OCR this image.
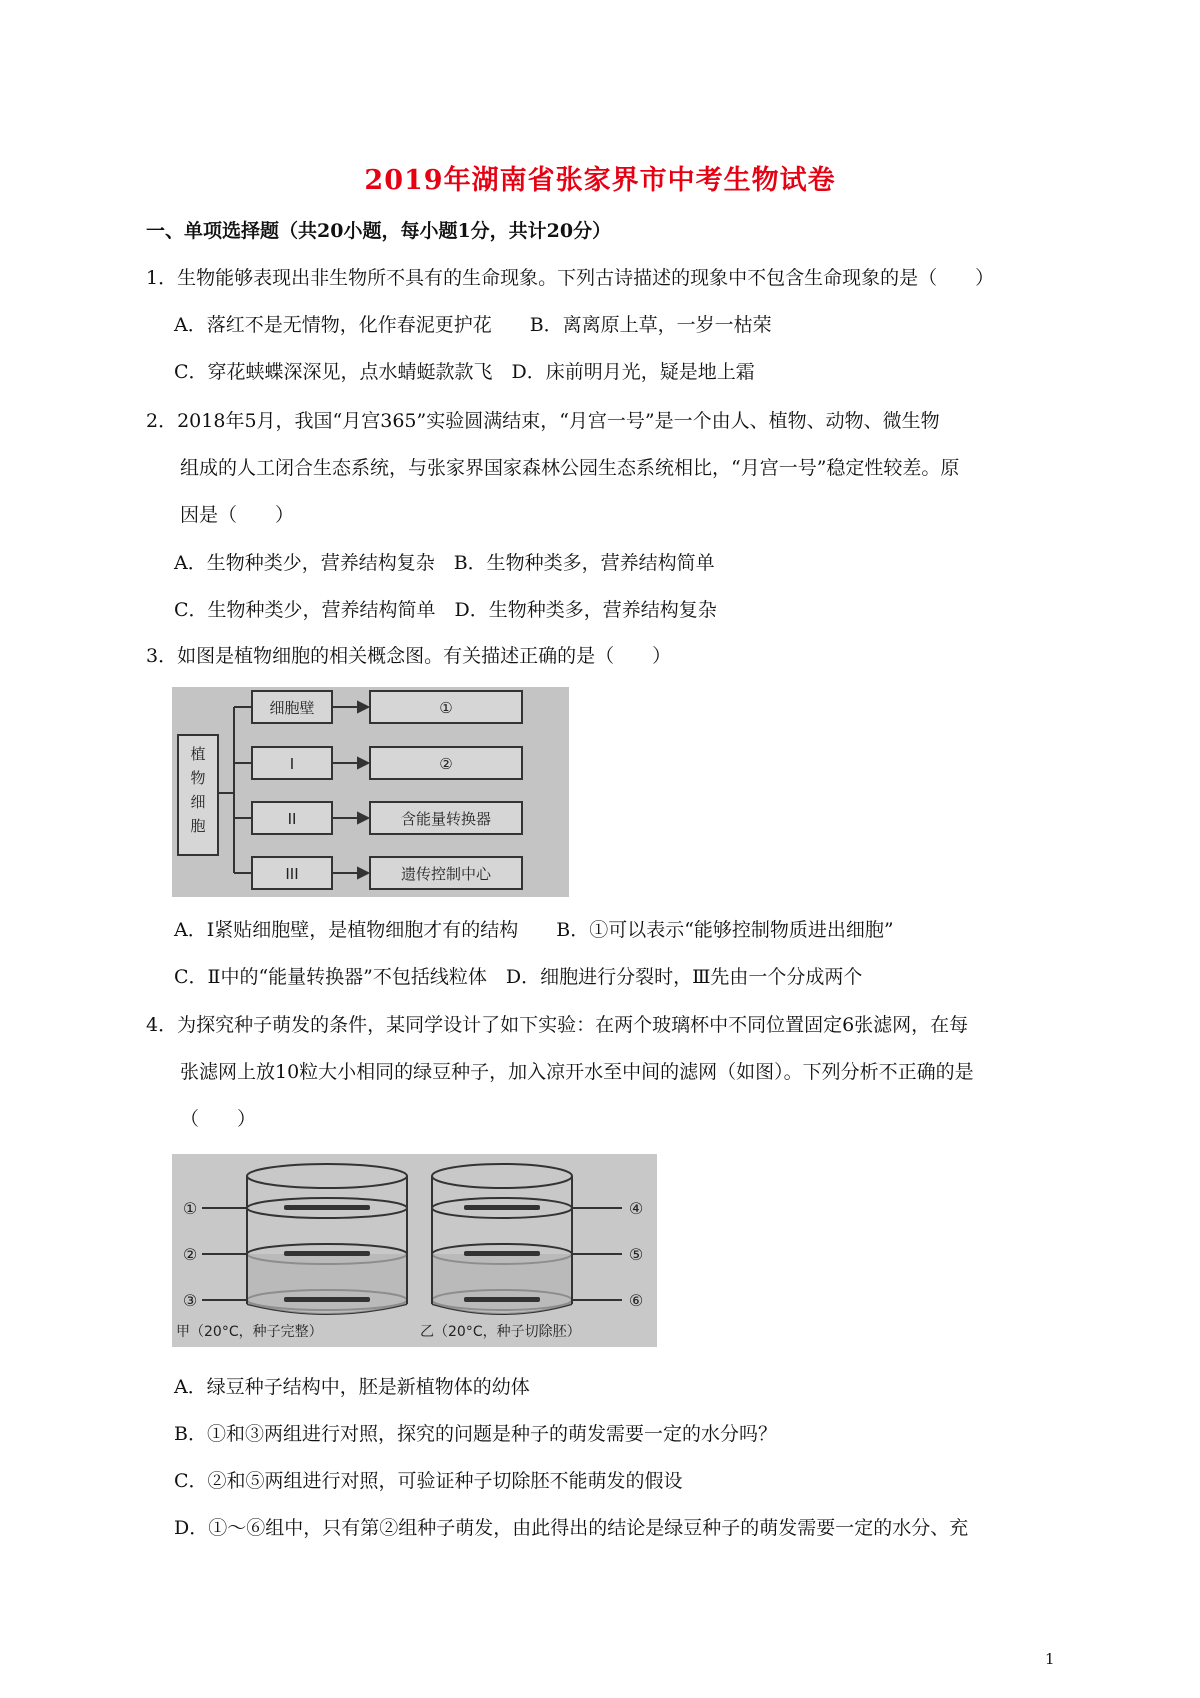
2019年湖南省张家界市中考生物试卷
一、单项选择题（共20小题，每小题1分，共计20分）
1．生物能够表现出非生物所不具有的生命现象。下列古诗描述的现象中不包含生命现象的是（　　）
A．落红不是无情物，化作春泥更护花　　B．离离原上草，一岁一枯荣
C．穿花蛱蝶深深见，点水蜻蜓款款飞　D．床前明月光，疑是地上霜
2．2018年5月，我国“月宫365”实验圆满结束，“月宫一号”是一个由人、植物、动物、微生物
组成的人工闭合生态系统，与张家界国家森林公园生态系统相比，“月宫一号”稳定性较差。原
因是（　　）
A．生物种类少，营养结构复杂　B．生物种类多，营养结构简单
C．生物种类少，营养结构简单　D．生物种类多，营养结构复杂
3．如图是植物细胞的相关概念图。有关描述正确的是（　　）
植
物
细
胞
细胞壁
I
II
III
①
②
含能量转换器
遗传控制中心
A．Ⅰ紧贴细胞壁，是植物细胞才有的结构　　B．①可以表示“能够控制物质进出细胞”
C．Ⅱ中的“能量转换器”不包括线粒体　D．细胞进行分裂时，Ⅲ先由一个分成两个
4．为探究种子萌发的条件，某同学设计了如下实验：在两个玻璃杯中不同位置固定6张滤网，在每
张滤网上放10粒大小相同的绿豆种子，加入凉开水至中间的滤网（如图）。下列分析不正确的是
（　　）
①
②
③
④
⑤
⑥
甲（20°C，种子完整）	乙（20°C，种子切除胚）
A．绿豆种子结构中，胚是新植物体的幼体
B．①和③两组进行对照，探究的问题是种子的萌发需要一定的水分吗？
C．②和⑤两组进行对照，可验证种子切除胚不能萌发的假设
D．①～⑥组中，只有第②组种子萌发，由此得出的结论是绿豆种子的萌发需要一定的水分、充
1
